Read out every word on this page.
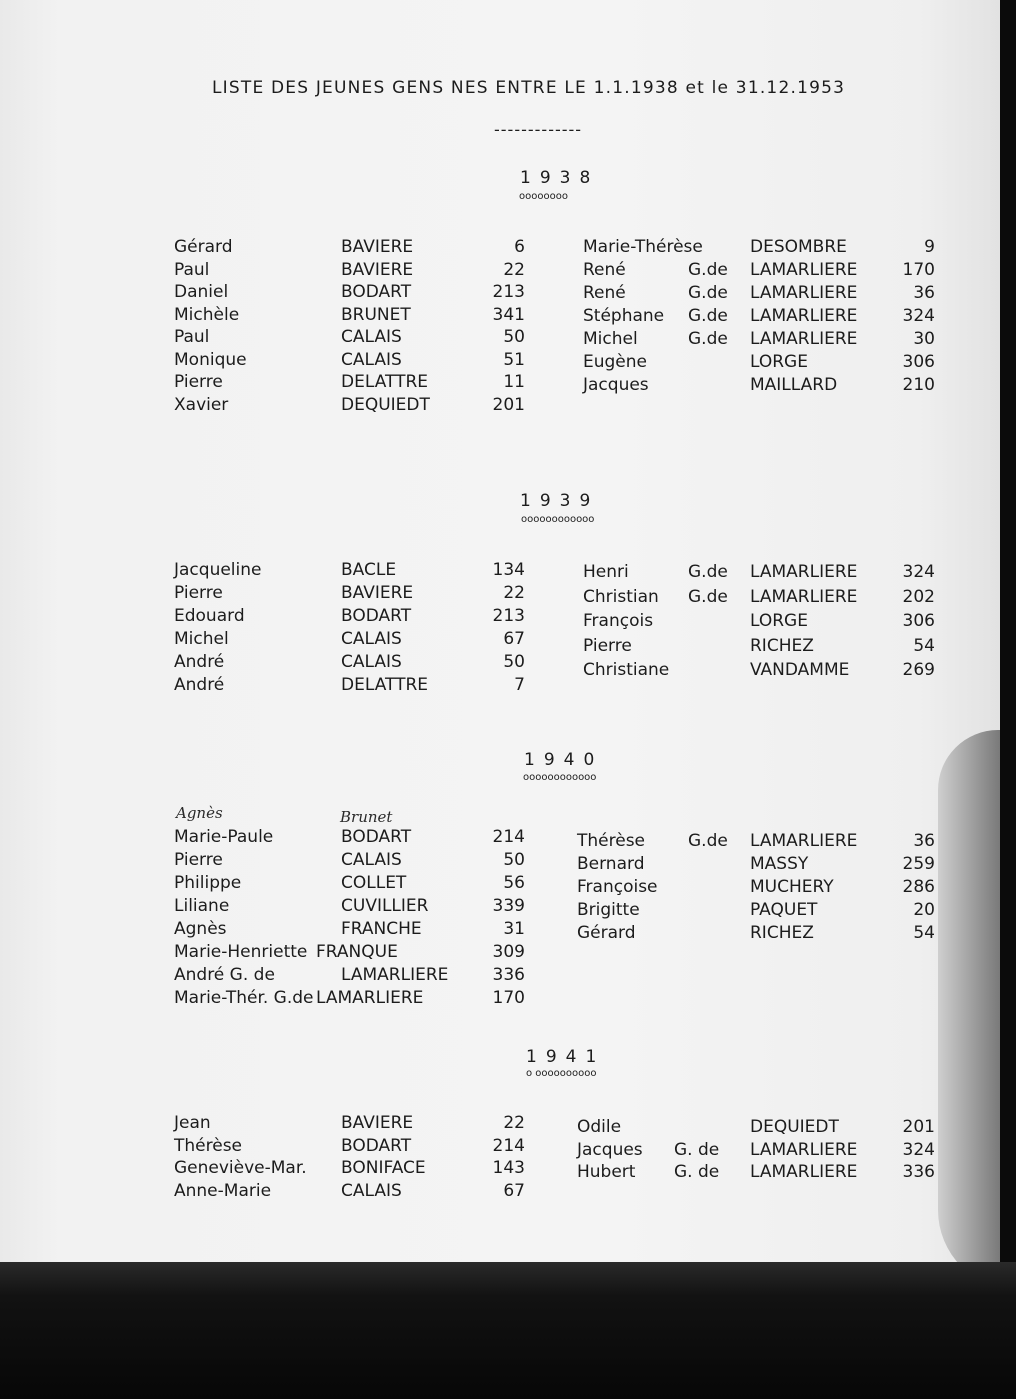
LISTE DES JEUNES GENS NES ENTRE LE 1.1.1938 et le 31.12.1953
-------------
1938
oooooooo
Gérard	BAVIERE	6
Paul	BAVIERE	22
Daniel	BODART	213
Michèle	BRUNET	341
Paul	CALAIS	50
Monique	CALAIS	51
Pierre	DELATTRE	11
Xavier	DEQUIEDT	201
Marie-Thérèse	DESOMBRE	9
René	G.de LAMARLIERE	170
René	G.de LAMARLIERE	36
Stéphane G.de LAMARLIERE	324
Michel	G.de LAMARLIERE	30
Eugène	LORGE	306
Jacques	MAILLARD	210
1939
oooooooooooo
Jacqueline	BACLE	134
Pierre	BAVIERE	22
Edouard	BODART	213
Michel	CALAIS	67
André	CALAIS	50
André	DELATTRE	7
Henri	G.de LAMARLIERE	324
Christian G.de LAMARLIERE	202
François	LORGE	306
Pierre	RICHEZ	54
Christiane	VANDAMME	269
1940
oooooooooooo
Agnès	Brunet
Marie-Paule	BODART	214
Pierre	CALAIS	50
Philippe	COLLET	56
Liliane	CUVILLIER	339
Agnès	FRANCHE	31
Marie-Henriette FRANQUE	309
André G. de	LAMARLIERE	336
Marie-Thér. G.de LAMARLIERE	170
Thérèse	G.de LAMARLIERE	36
Bernard	MASSY	259
Françoise	MUCHERY	286
Brigitte	PAQUET	20
Gérard	RICHEZ	54
1941
o oooooooooo
Jean	BAVIERE	22
Thérèse	BODART	214
Geneviève-Mar. BONIFACE	143
Anne-Marie	CALAIS	67
Odile	DEQUIEDT	201
Jacques G. de LAMARLIERE	324
Hubert G. de LAMARLIERE	336
